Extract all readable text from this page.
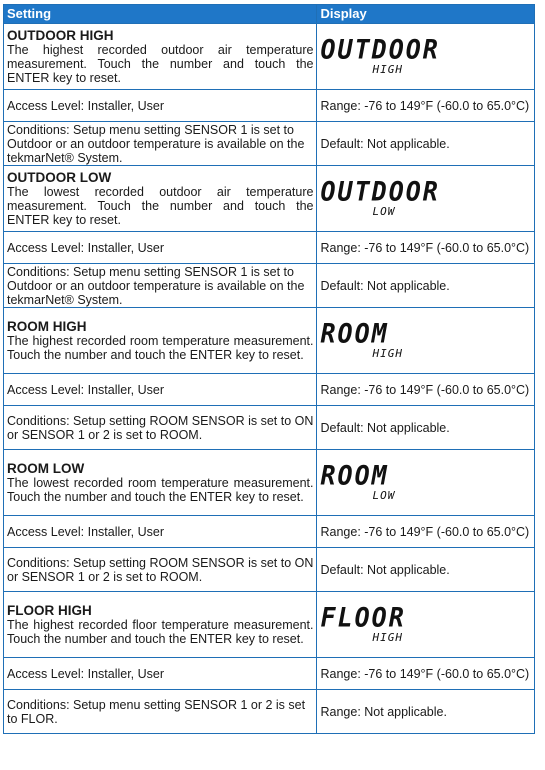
Setting	Display

OUTDOOR HIGH
The highest recorded outdoor air temperature measurement. Touch the number and touch the ENTER key to reset.	OUTDOOR
HIGH

Access Level: Installer, User	Range: -76 to 149°F (-60.0 to 65.0°C)
Conditions: Setup menu setting SENSOR 1 is set to Outdoor or an outdoor temperature is available on the tekmarNet® System.	Default: Not applicable.

OUTDOOR LOW
The lowest recorded outdoor air temperature measurement. Touch the number and touch the ENTER key to reset.	OUTDOOR
LOW

Access Level: Installer, User	Range: -76 to 149°F (-60.0 to 65.0°C)
Conditions: Setup menu setting SENSOR 1 is set to Outdoor or an outdoor temperature is available on the tekmarNet® System.	Default: Not applicable.

ROOM HIGH
The highest recorded room temperature measurement. Touch the number and touch the ENTER key to reset.	ROOM
HIGH

Access Level: Installer, User	Range: -76 to 149°F (-60.0 to 65.0°C)
Conditions: Setup setting ROOM SENSOR is set to ON or SENSOR 1 or 2 is set to ROOM.	Default: Not applicable.

ROOM LOW
The lowest recorded room temperature measurement. Touch the number and touch the ENTER key to reset.	ROOM
LOW

Access Level: Installer, User	Range: -76 to 149°F (-60.0 to 65.0°C)
Conditions: Setup setting ROOM SENSOR is set to ON or SENSOR 1 or 2 is set to ROOM.	Default: Not applicable.

FLOOR HIGH
The highest recorded floor temperature measurement. Touch the number and touch the ENTER key to reset.	FLOOR
HIGH

Access Level: Installer, User	Range: -76 to 149°F (-60.0 to 65.0°C)
Conditions: Setup menu setting SENSOR 1 or 2 is set to FLOR.	Range: Not applicable.
